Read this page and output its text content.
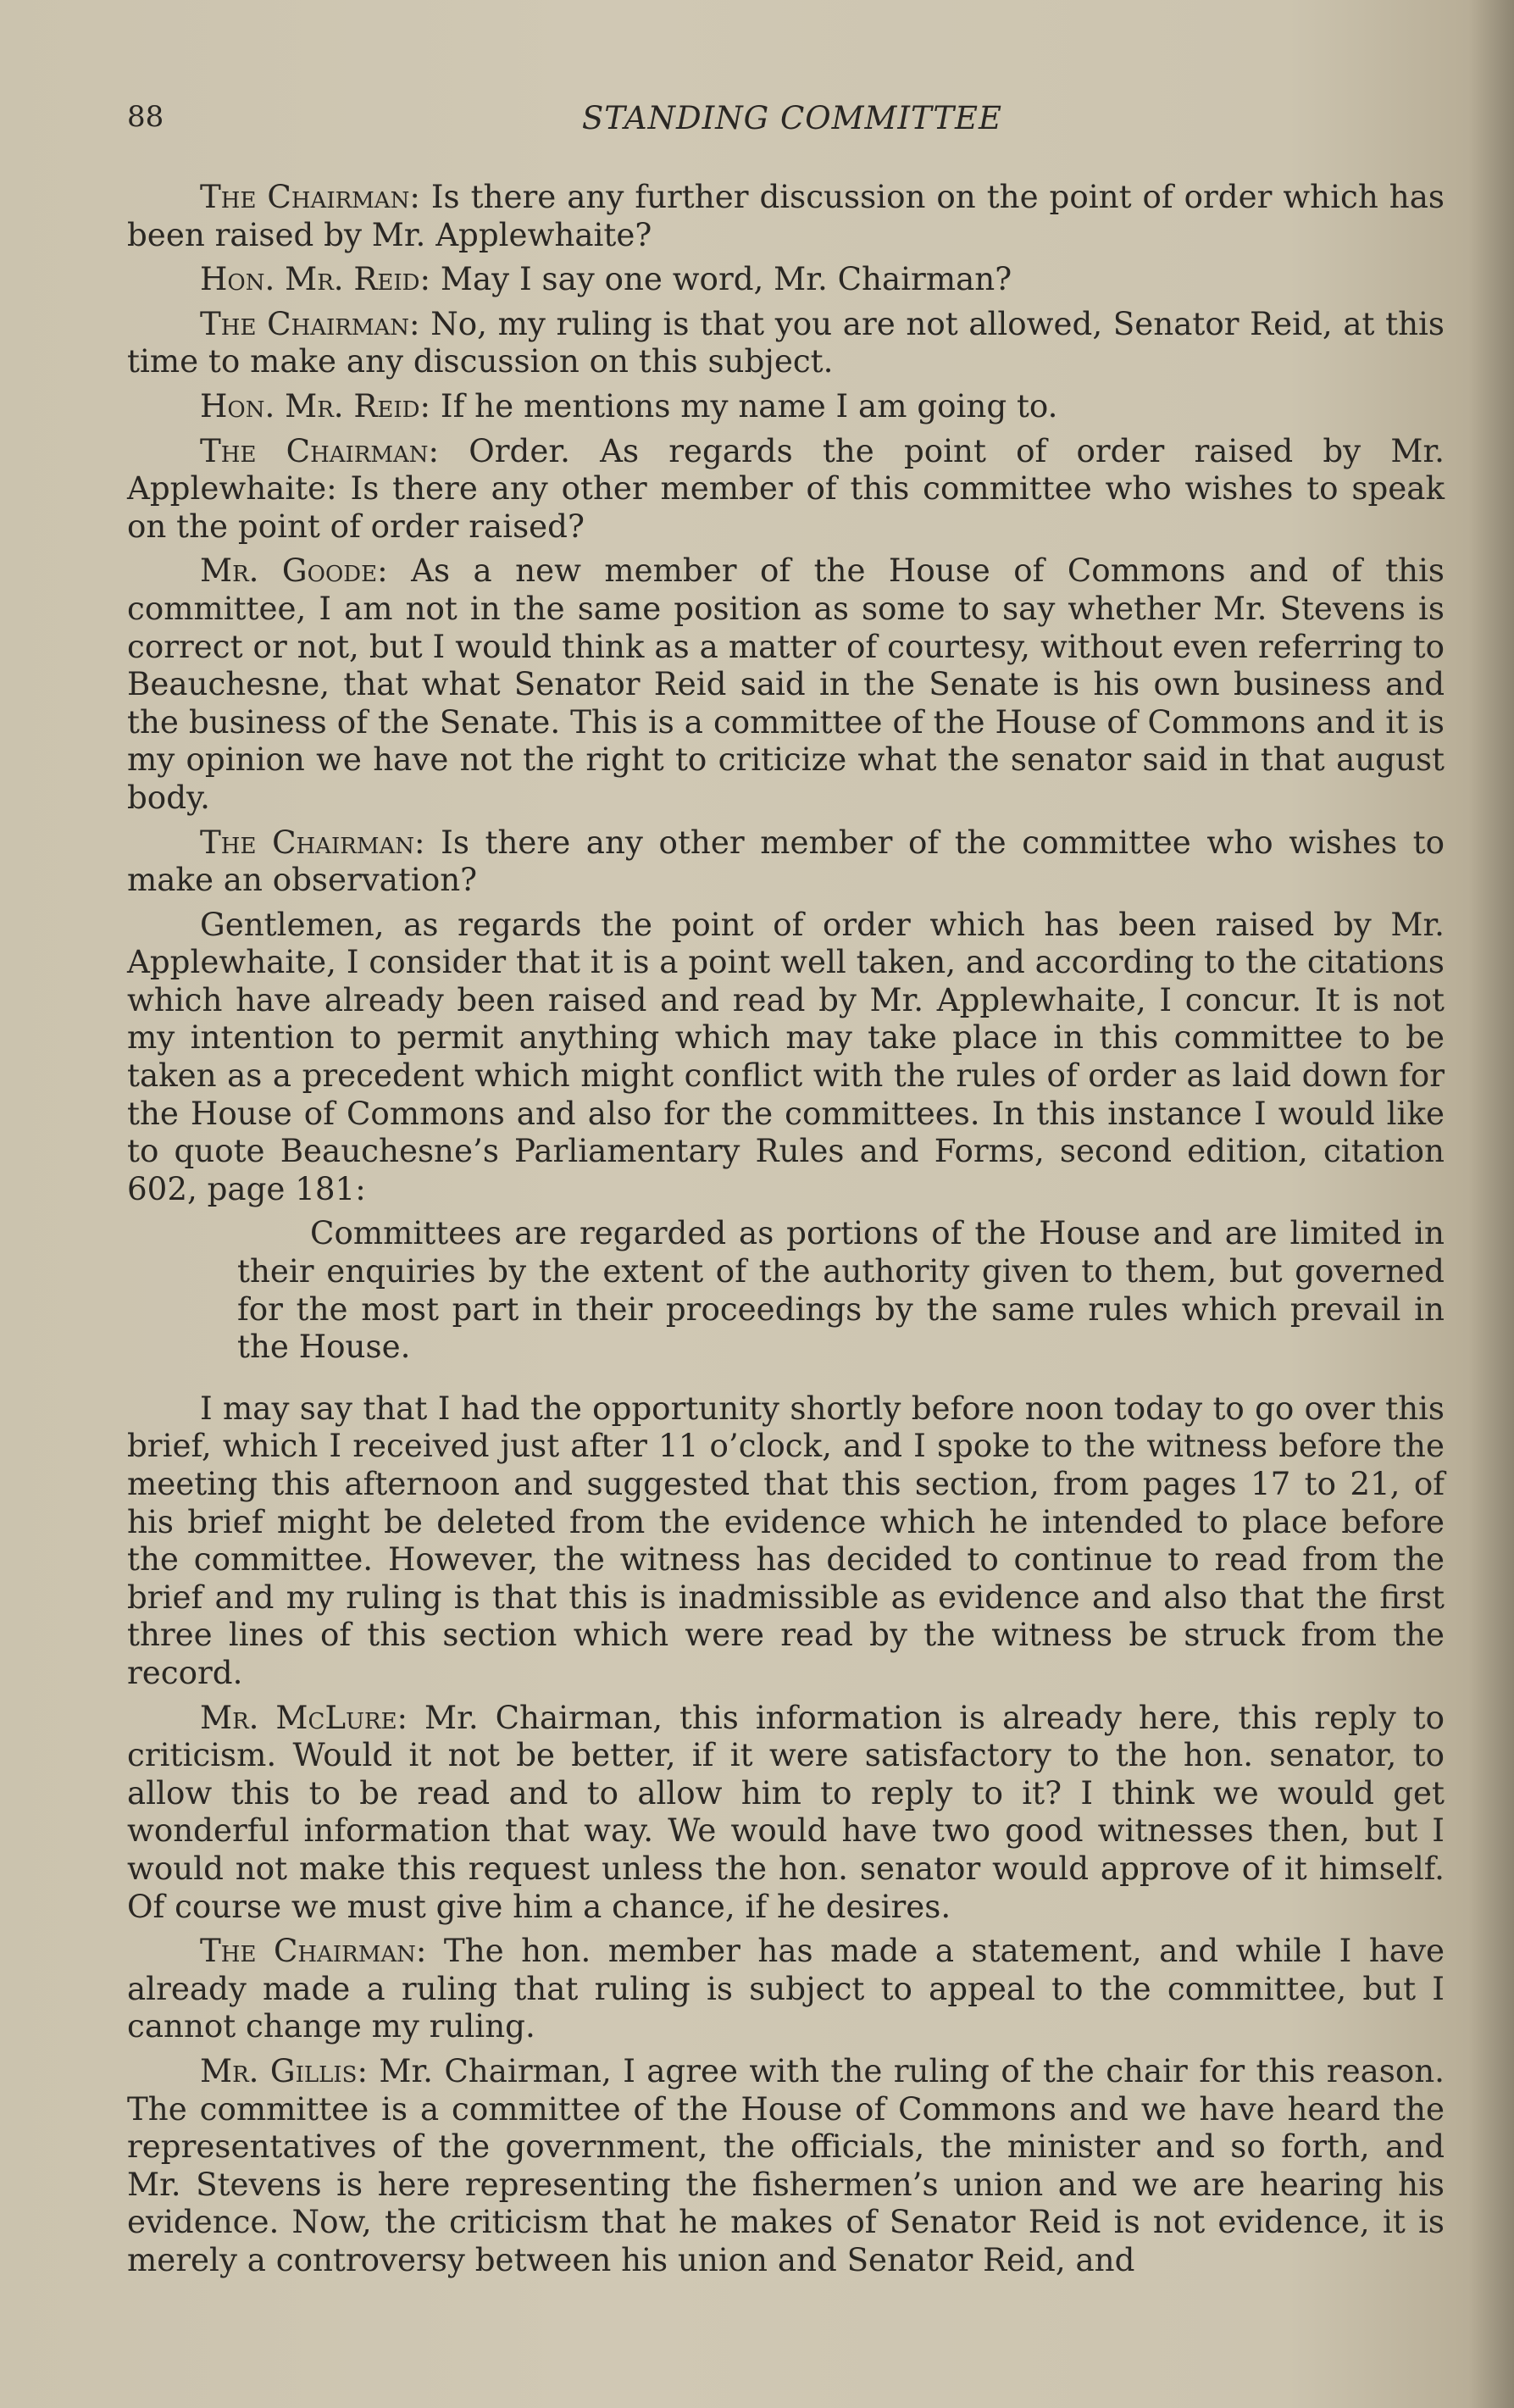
88	STANDING COMMITTEE

The Chairman: Is there any further discussion on the point of order which has been raised by Mr. Applewhaite?

Hon. Mr. Reid: May I say one word, Mr. Chairman?

The Chairman: No, my ruling is that you are not allowed, Senator Reid, at this time to make any discussion on this subject.

Hon. Mr. Reid: If he mentions my name I am going to.

The Chairman: Order. As regards the point of order raised by Mr. Applewhaite: Is there any other member of this committee who wishes to speak on the point of order raised?

Mr. Goode: As a new member of the House of Commons and of this committee, I am not in the same position as some to say whether Mr. Stevens is correct or not, but I would think as a matter of courtesy, without even referring to Beauchesne, that what Senator Reid said in the Senate is his own business and the business of the Senate. This is a committee of the House of Commons and it is my opinion we have not the right to criticize what the senator said in that august body.

The Chairman: Is there any other member of the committee who wishes to make an observation?

Gentlemen, as regards the point of order which has been raised by Mr. Applewhaite, I consider that it is a point well taken, and according to the citations which have already been raised and read by Mr. Applewhaite, I concur. It is not my intention to permit anything which may take place in this committee to be taken as a precedent which might conflict with the rules of order as laid down for the House of Commons and also for the committees. In this instance I would like to quote Beauchesne’s Parliamentary Rules and Forms, second edition, citation 602, page 181:

Committees are regarded as portions of the House and are limited in their enquiries by the extent of the authority given to them, but governed for the most part in their proceedings by the same rules which prevail in the House.

I may say that I had the opportunity shortly before noon today to go over this brief, which I received just after 11 o’clock, and I spoke to the witness before the meeting this afternoon and suggested that this section, from pages 17 to 21, of his brief might be deleted from the evidence which he intended to place before the committee. However, the witness has decided to continue to read from the brief and my ruling is that this is inadmissible as evidence and also that the first three lines of this section which were read by the witness be struck from the record.

Mr. McLure: Mr. Chairman, this information is already here, this reply to criticism. Would it not be better, if it were satisfactory to the hon. senator, to allow this to be read and to allow him to reply to it? I think we would get wonderful information that way. We would have two good witnesses then, but I would not make this request unless the hon. senator would approve of it himself. Of course we must give him a chance, if he desires.

The Chairman: The hon. member has made a statement, and while I have already made a ruling that ruling is subject to appeal to the committee, but I cannot change my ruling.

Mr. Gillis: Mr. Chairman, I agree with the ruling of the chair for this reason. The committee is a committee of the House of Commons and we have heard the representatives of the government, the officials, the minister and so forth, and Mr. Stevens is here representing the fishermen’s union and we are hearing his evidence. Now, the criticism that he makes of Senator Reid is not evidence, it is merely a controversy between his union and Senator Reid, and
